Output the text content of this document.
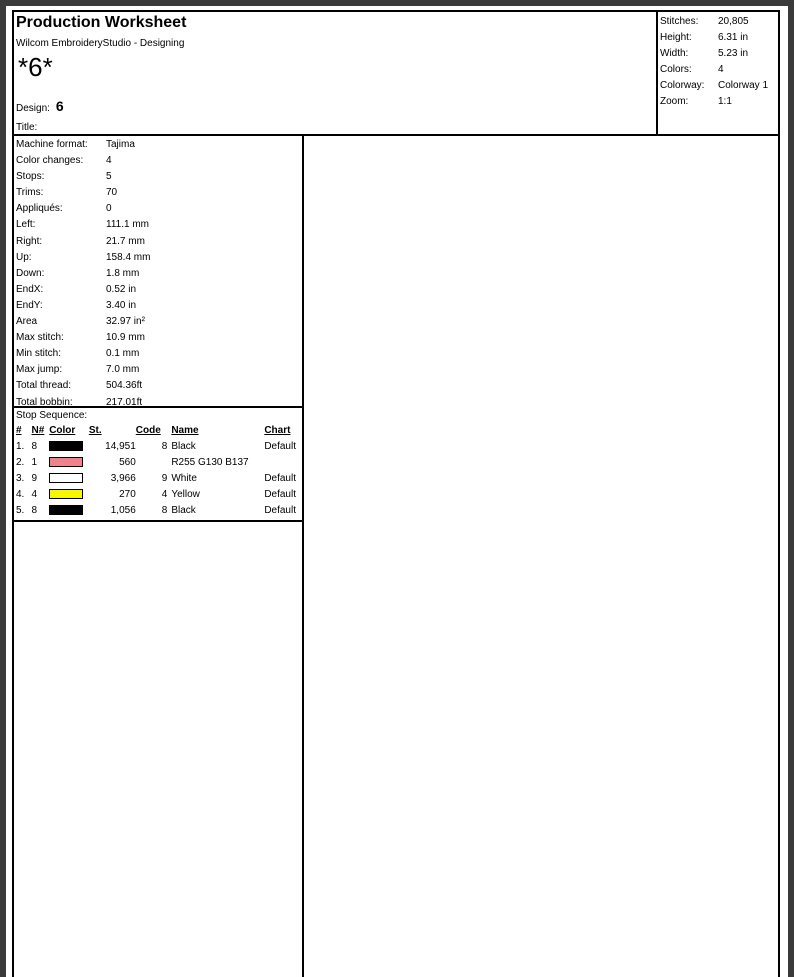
Production Worksheet
Wilcom EmbroideryStudio - Designing
*6*
Design: 6
Title:
Stitches: 20,805
Height:	6.31 in
Width:	5.23 in
Colors:	4
Colorway: Colorway 1
Zoom:	1:1
Machine format: Tajima
Color changes: 4
Stops:	5
Trims:	70
Appliqués:	0
Left:	111.1 mm
Right:	21.7 mm
Up:	158.4 mm
Down:	1.8 mm
EndX:	0.52 in
EndY:	3.40 in
Area	32.97 in²
Max stitch:	10.9 mm
Min stitch:	0.1 mm
Max jump:	7.0 mm
Total thread:	504.36ft
Total bobbin:	217.01ft
Stop Sequence:
#	N#	Color	St.	Code	Name	Chart
1.	8		14,951	8	Black	Default
2.	1		560		R255 G130 B137	
3.	9		3,966	9	White	Default
4.	4		270	4	Yellow	Default
5.	8		1,056	8	Black	Default
